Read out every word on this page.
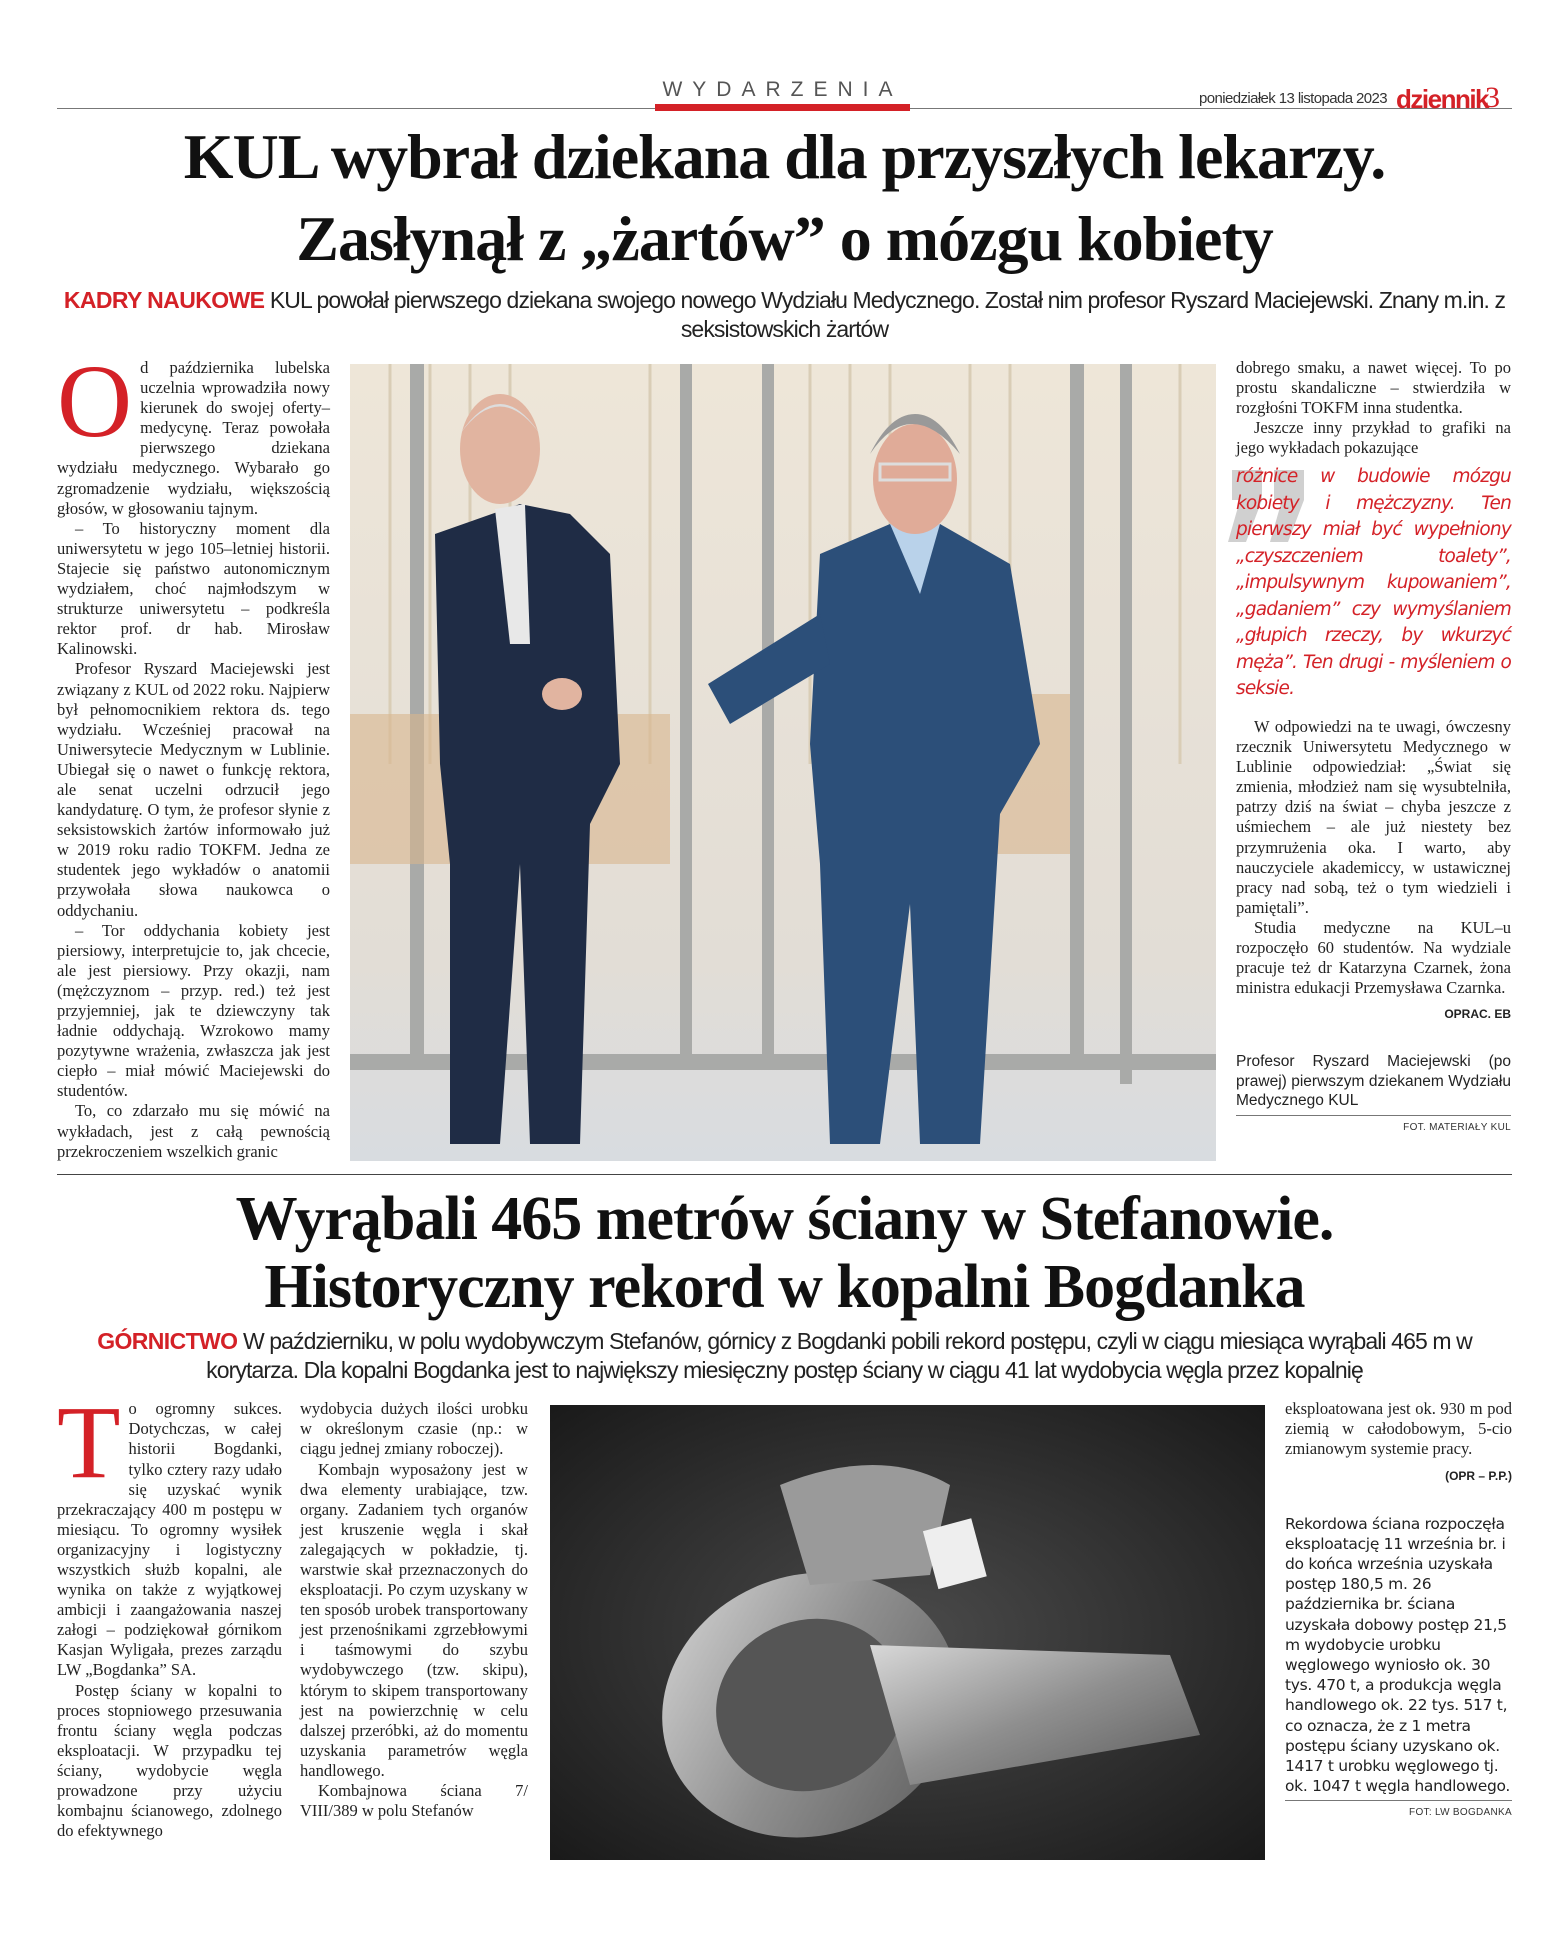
WYDARZENIA	poniedziałek 13 listopada 2023 dziennik
3
KUL wybrał dziekana dla przyszłych lekarzy.
Zasłynął z „żartów” o mózgu kobiety
KADRY NAUKOWE KUL powołał pierwszego dziekana swojego nowego Wydziału Medycznego. Został nim profesor Ryszard Maciejewski. Znany m.in. z seksistowskich żartów
O d października lubelska uczelnia wprowadziła nowy kierunek do swojej oferty–medycynę. Teraz powołała pierwszego dziekana wydziału medycznego. Wybarało go zgromadzenie wydziału, większością głosów, w głosowaniu tajnym.

– To historyczny moment dla uniwersytetu w jego 105–letniej historii. Stajecie się państwo autonomicznym wydziałem, choć najmłodszym w strukturze uniwersytetu – podkreśla rektor prof. dr hab. Mirosław Kalinowski.

Profesor Ryszard Maciejewski jest związany z KUL od 2022 roku. Najpierw był pełnomocnikiem rektora ds. tego wydziału. Wcześniej pracował na Uniwersytecie Medycznym w Lublinie. Ubiegał się o nawet o funkcję rektora, ale senat uczelni odrzucił jego kandydaturę. O tym, że profesor słynie z seksistowskich żartów informowało już w 2019 roku radio TOKFM. Jedna ze studentek jego wykładów o anatomii przywołała słowa naukowca o oddychaniu.

– Tor oddychania kobiety jest piersiowy, interpretujcie to, jak chcecie, ale jest piersiowy. Przy okazji, nam (mężczyznom – przyp. red.) też jest przyjemniej, jak te dziewczyny tak ładnie oddychają. Wzrokowo mamy pozytywne wrażenia, zwłaszcza jak jest ciepło – miał mówić Maciejewski do studentów.

To, co zdarzało mu się mówić na wykładach, jest z całą pewnością przekroczeniem wszelkich granic

dobrego smaku, a nawet więcej. To po prostu skandaliczne – stwierdziła w rozgłośni TOKFM inna studentka.

Jeszcze inny przykład to grafiki na jego wykładach pokazujące

różnice w budowie mózgu kobiety i mężczyzny. Ten pierwszy miał być wypełniony „czyszczeniem toalety”, „impulsywnym kupowaniem”, „gadaniem” czy wymyślaniem „głupich rzeczy, by wkurzyć męża”. Ten drugi - myśleniem o seksie.

W odpowiedzi na te uwagi, ówczesny rzecznik Uniwersytetu Medycznego w Lublinie odpowiedział: „Świat się zmienia, młodzież nam się wysubtelniła, patrzy dziś na świat – chyba jeszcze z uśmiechem – ale już niestety bez przymrużenia oka. I warto, aby nauczyciele akademiccy, w ustawicznej pracy nad sobą, też o tym wiedzieli i pamiętali”.

Studia medyczne na KUL–u rozpoczęło 60 studentów. Na wydziale pracuje też dr Katarzyna Czarnek, żona ministra edukacji Przemysława Czarnka.

OPRAC. EB
Profesor Ryszard Maciejewski (po prawej) pierwszym dziekanem Wydziału Medycznego KUL
FOT. MATERIAŁY KUL
Wyrąbali 465 metrów ściany w Stefanowie.
Historyczny rekord w kopalni Bogdanka
GÓRNICTWO W październiku, w polu wydobywczym Stefanów, górnicy z Bogdanki pobili rekord postępu, czyli w ciągu miesiąca wyrąbali 465 m w korytarza. Dla kopalni Bogdanka jest to największy miesięczny postęp ściany w ciągu 41 lat wydobycia węgla przez kopalnię
T o ogromny sukces. Dotychczas, w całej historii Bogdanki, tylko cztery razy udało się uzyskać wynik przekraczający 400 m postępu w miesiącu. To ogromny wysiłek organizacyjny i logistyczny wszystkich służb kopalni, ale wynika on także z wyjątkowej ambicji i zaangażowania naszej załogi – podziękował górnikom Kasjan Wyligała, prezes zarządu LW „Bogdanka” SA.

Postęp ściany w kopalni to proces stopniowego przesuwania frontu ściany węgla podczas eksploatacji. W przypadku tej ściany, wydobycie węgla prowadzone przy użyciu kombajnu ścianowego, zdolnego do efektywnego

wydobycia dużych ilości urobku w określonym czasie (np.: w ciągu jednej zmiany roboczej).

Kombajn wyposażony jest w dwa elementy urabiające, tzw. organy. Zadaniem tych organów jest kruszenie węgla i skał zalegających w pokładzie, tj. warstwie skał przeznaczonych do eksploatacji. Po czym uzyskany w ten sposób urobek transportowany jest przenośnikami zgrzebłowymi i taśmowymi do szybu wydobywczego (tzw. skipu), którym to skipem transportowany jest na powierzchnię w celu dalszej przeróbki, aż do momentu uzyskania parametrów węgla handlowego.

Kombajnowa ściana 7/ VIII/389 w polu Stefanów

eksploatowana jest ok. 930 m pod ziemią w całodobowym, 5-cio zmianowym systemie pracy.

(OPR – P.P.)
Rekordowa ściana rozpoczęła eksploatację 11 września br. i do końca września uzyskała postęp 180,5 m. 26 października br. ściana uzyskała dobowy postęp 21,5 m wydobycie urobku węglowego wyniosło ok. 30 tys. 470 t, a produkcja węgla handlowego ok. 22 tys. 517 t, co oznacza, że z 1 metra postępu ściany uzyskano ok. 1417 t urobku węglowego tj. ok. 1047 t węgla handlowego.
FOT: LW BOGDANKA
